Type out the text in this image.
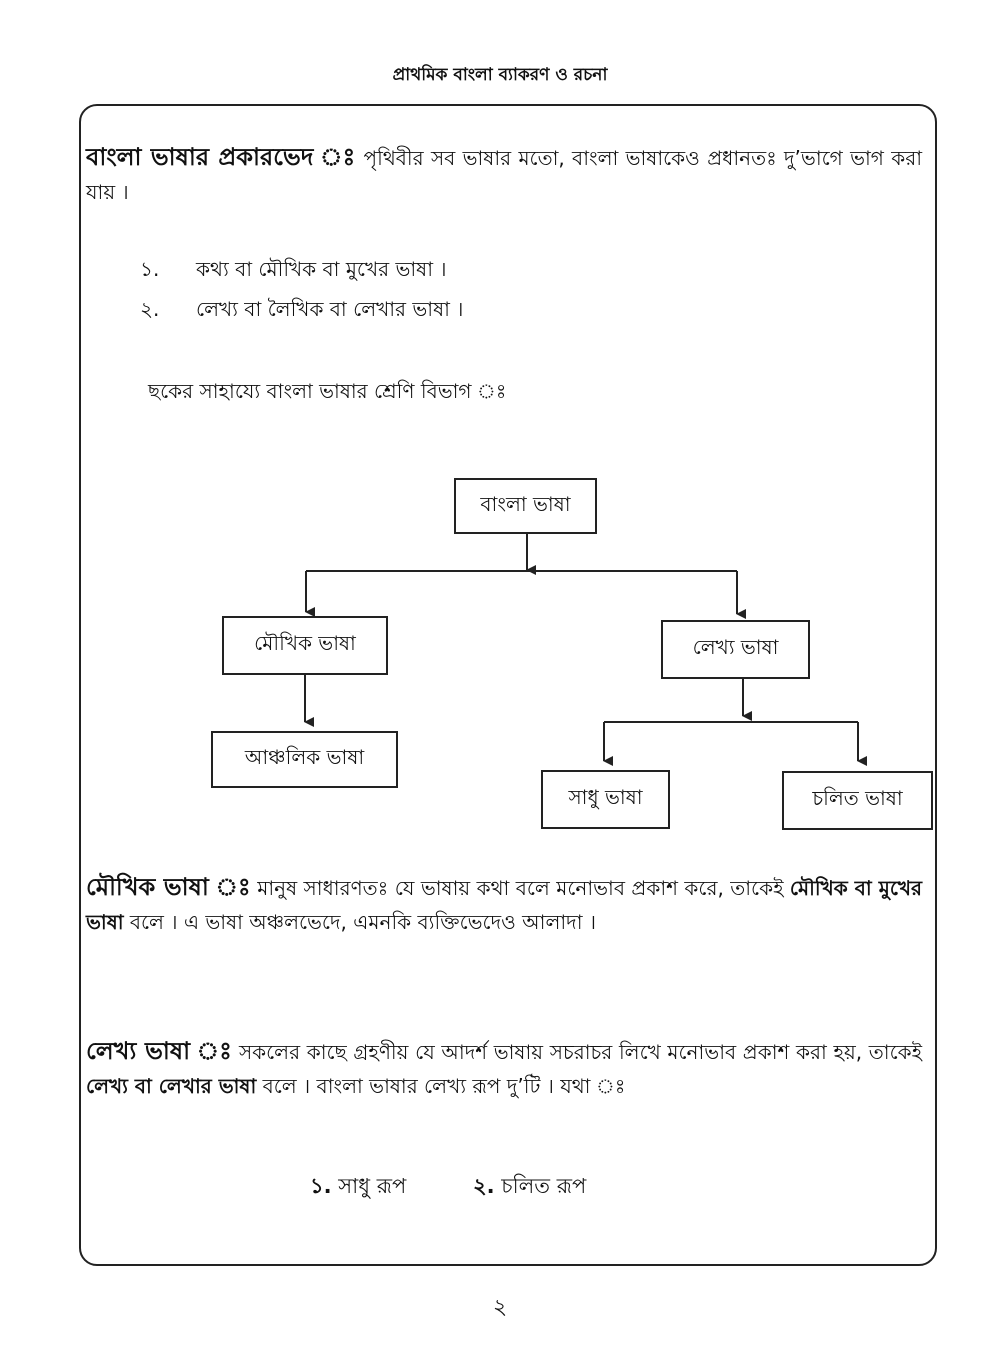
প্রাথমিক বাংলা ব্যাকরণ ও রচনা
বাংলা ভাষার প্রকারভেদ ঃ পৃথিবীর সব ভাষার মতো, বাংলা ভাষাকেও প্রধানতঃ দু’ভাগে ভাগ করা যায় ।
১. কথ্য বা মৌখিক বা মুখের ভাষা ।
২. লেখ্য বা লৈখিক বা লেখার ভাষা ।
ছকের সাহায্যে বাংলা ভাষার শ্রেণি বিভাগ ঃ
বাংলা ভাষা
মৌখিক ভাষা	লেখ্য ভাষা
আঞ্চলিক ভাষা
সাধু ভাষা	চলিত ভাষা
মৌখিক ভাষা ঃ মানুষ সাধারণতঃ যে ভাষায় কথা বলে মনোভাব প্রকাশ করে, তাকেই মৌখিক বা মুখের ভাষা বলে । এ ভাষা অঞ্চলভেদে, এমনকি ব্যক্তিভেদেও আলাদা ।
লেখ্য ভাষা ঃ সকলের কাছে গ্রহণীয় যে আদর্শ ভাষায় সচরাচর লিখে মনোভাব প্রকাশ করা হয়, তাকেই লেখ্য বা লেখার ভাষা বলে । বাংলা ভাষার লেখ্য রূপ দু’টি । যথা ঃ
১. সাধু রূপ	২. চলিত রূপ
২
